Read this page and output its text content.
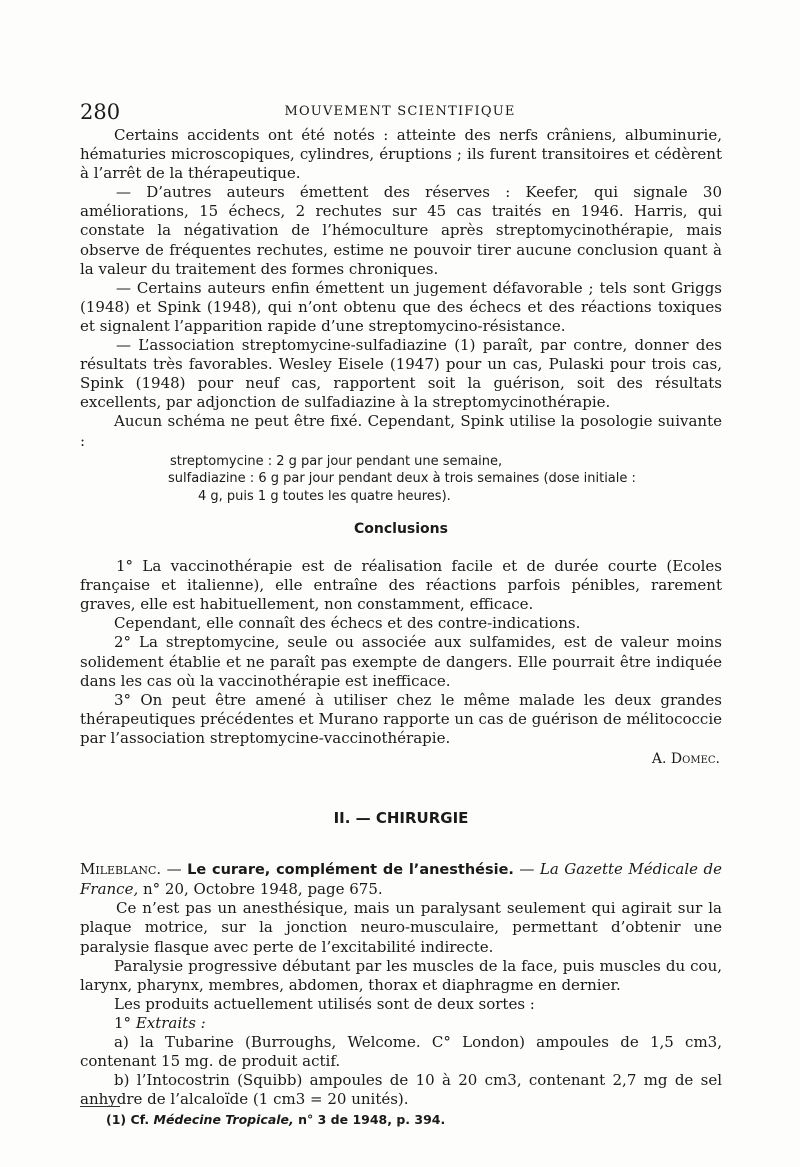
280	MOUVEMENT SCIENTIFIQUE

Certains accidents ont été notés : atteinte des nerfs crâniens, albuminurie, hématuries microscopiques, cylindres, éruptions ; ils furent transitoires et cédèrent à l’arrêt de la thérapeutique.

— D’autres auteurs émettent des réserves : Keefer, qui signale 30 améliorations, 15 échecs, 2 rechutes sur 45 cas traités en 1946. Harris, qui constate la négativation de l’hémoculture après streptomycinothérapie, mais observe de fréquentes rechutes, estime ne pouvoir tirer aucune conclusion quant à la valeur du traitement des formes chroniques.

— Certains auteurs enfin émettent un jugement défavorable ; tels sont Griggs (1948) et Spink (1948), qui n’ont obtenu que des échecs et des réactions toxiques et signalent l’apparition rapide d’une streptomycino-résistance.

— L’association streptomycine-sulfadiazine (1) paraît, par contre, donner des résultats très favorables. Wesley Eisele (1947) pour un cas, Pulaski pour trois cas, Spink (1948) pour neuf cas, rapportent soit la guérison, soit des résultats excellents, par adjonction de sulfadiazine à la streptomycinothérapie.

Aucun schéma ne peut être fixé. Cependant, Spink utilise la posologie suivante :

streptomycine : 2 g par jour pendant une semaine,
sulfadiazine : 6 g par jour pendant deux à trois semaines (dose initiale :
4 g, puis 1 g toutes les quatre heures).
Conclusions

1° La vaccinothérapie est de réalisation facile et de durée courte (Ecoles française et italienne), elle entraîne des réactions parfois pénibles, rarement graves, elle est habituellement, non constamment, efficace.

Cependant, elle connaît des échecs et des contre-indications.

2° La streptomycine, seule ou associée aux sulfamides, est de valeur moins solidement établie et ne paraît pas exempte de dangers. Elle pourrait être indiquée dans les cas où la vaccinothérapie est inefficace.

3° On peut être amené à utiliser chez le même malade les deux grandes thérapeutiques précédentes et Murano rapporte un cas de guérison de mélitococcie par l’association streptomycine-vaccinothérapie.

A. Domec.
II. — CHIRURGIE

Mileblanc. — Le curare, complément de l’anesthésie. — La Gazette Médicale de France, n° 20, Octobre 1948, page 675.

Ce n’est pas un anesthésique, mais un paralysant seulement qui agirait sur la plaque motrice, sur la jonction neuro-musculaire, permettant d’obtenir une paralysie flasque avec perte de l’excitabilité indirecte.

Paralysie progressive débutant par les muscles de la face, puis muscles du cou, larynx, pharynx, membres, abdomen, thorax et diaphragme en dernier.

Les produits actuellement utilisés sont de deux sortes :

1° Extraits :

a) la Tubarine (Burroughs, Welcome. C° London) ampoules de 1,5 cm3, contenant 15 mg. de produit actif.

b) l’Intocostrin (Squibb) ampoules de 10 à 20 cm3, contenant 2,7 mg de sel anhydre de l’alcaloïde (1 cm3 = 20 unités).

(1) Cf. Médecine Tropicale, n° 3 de 1948, p. 394.
